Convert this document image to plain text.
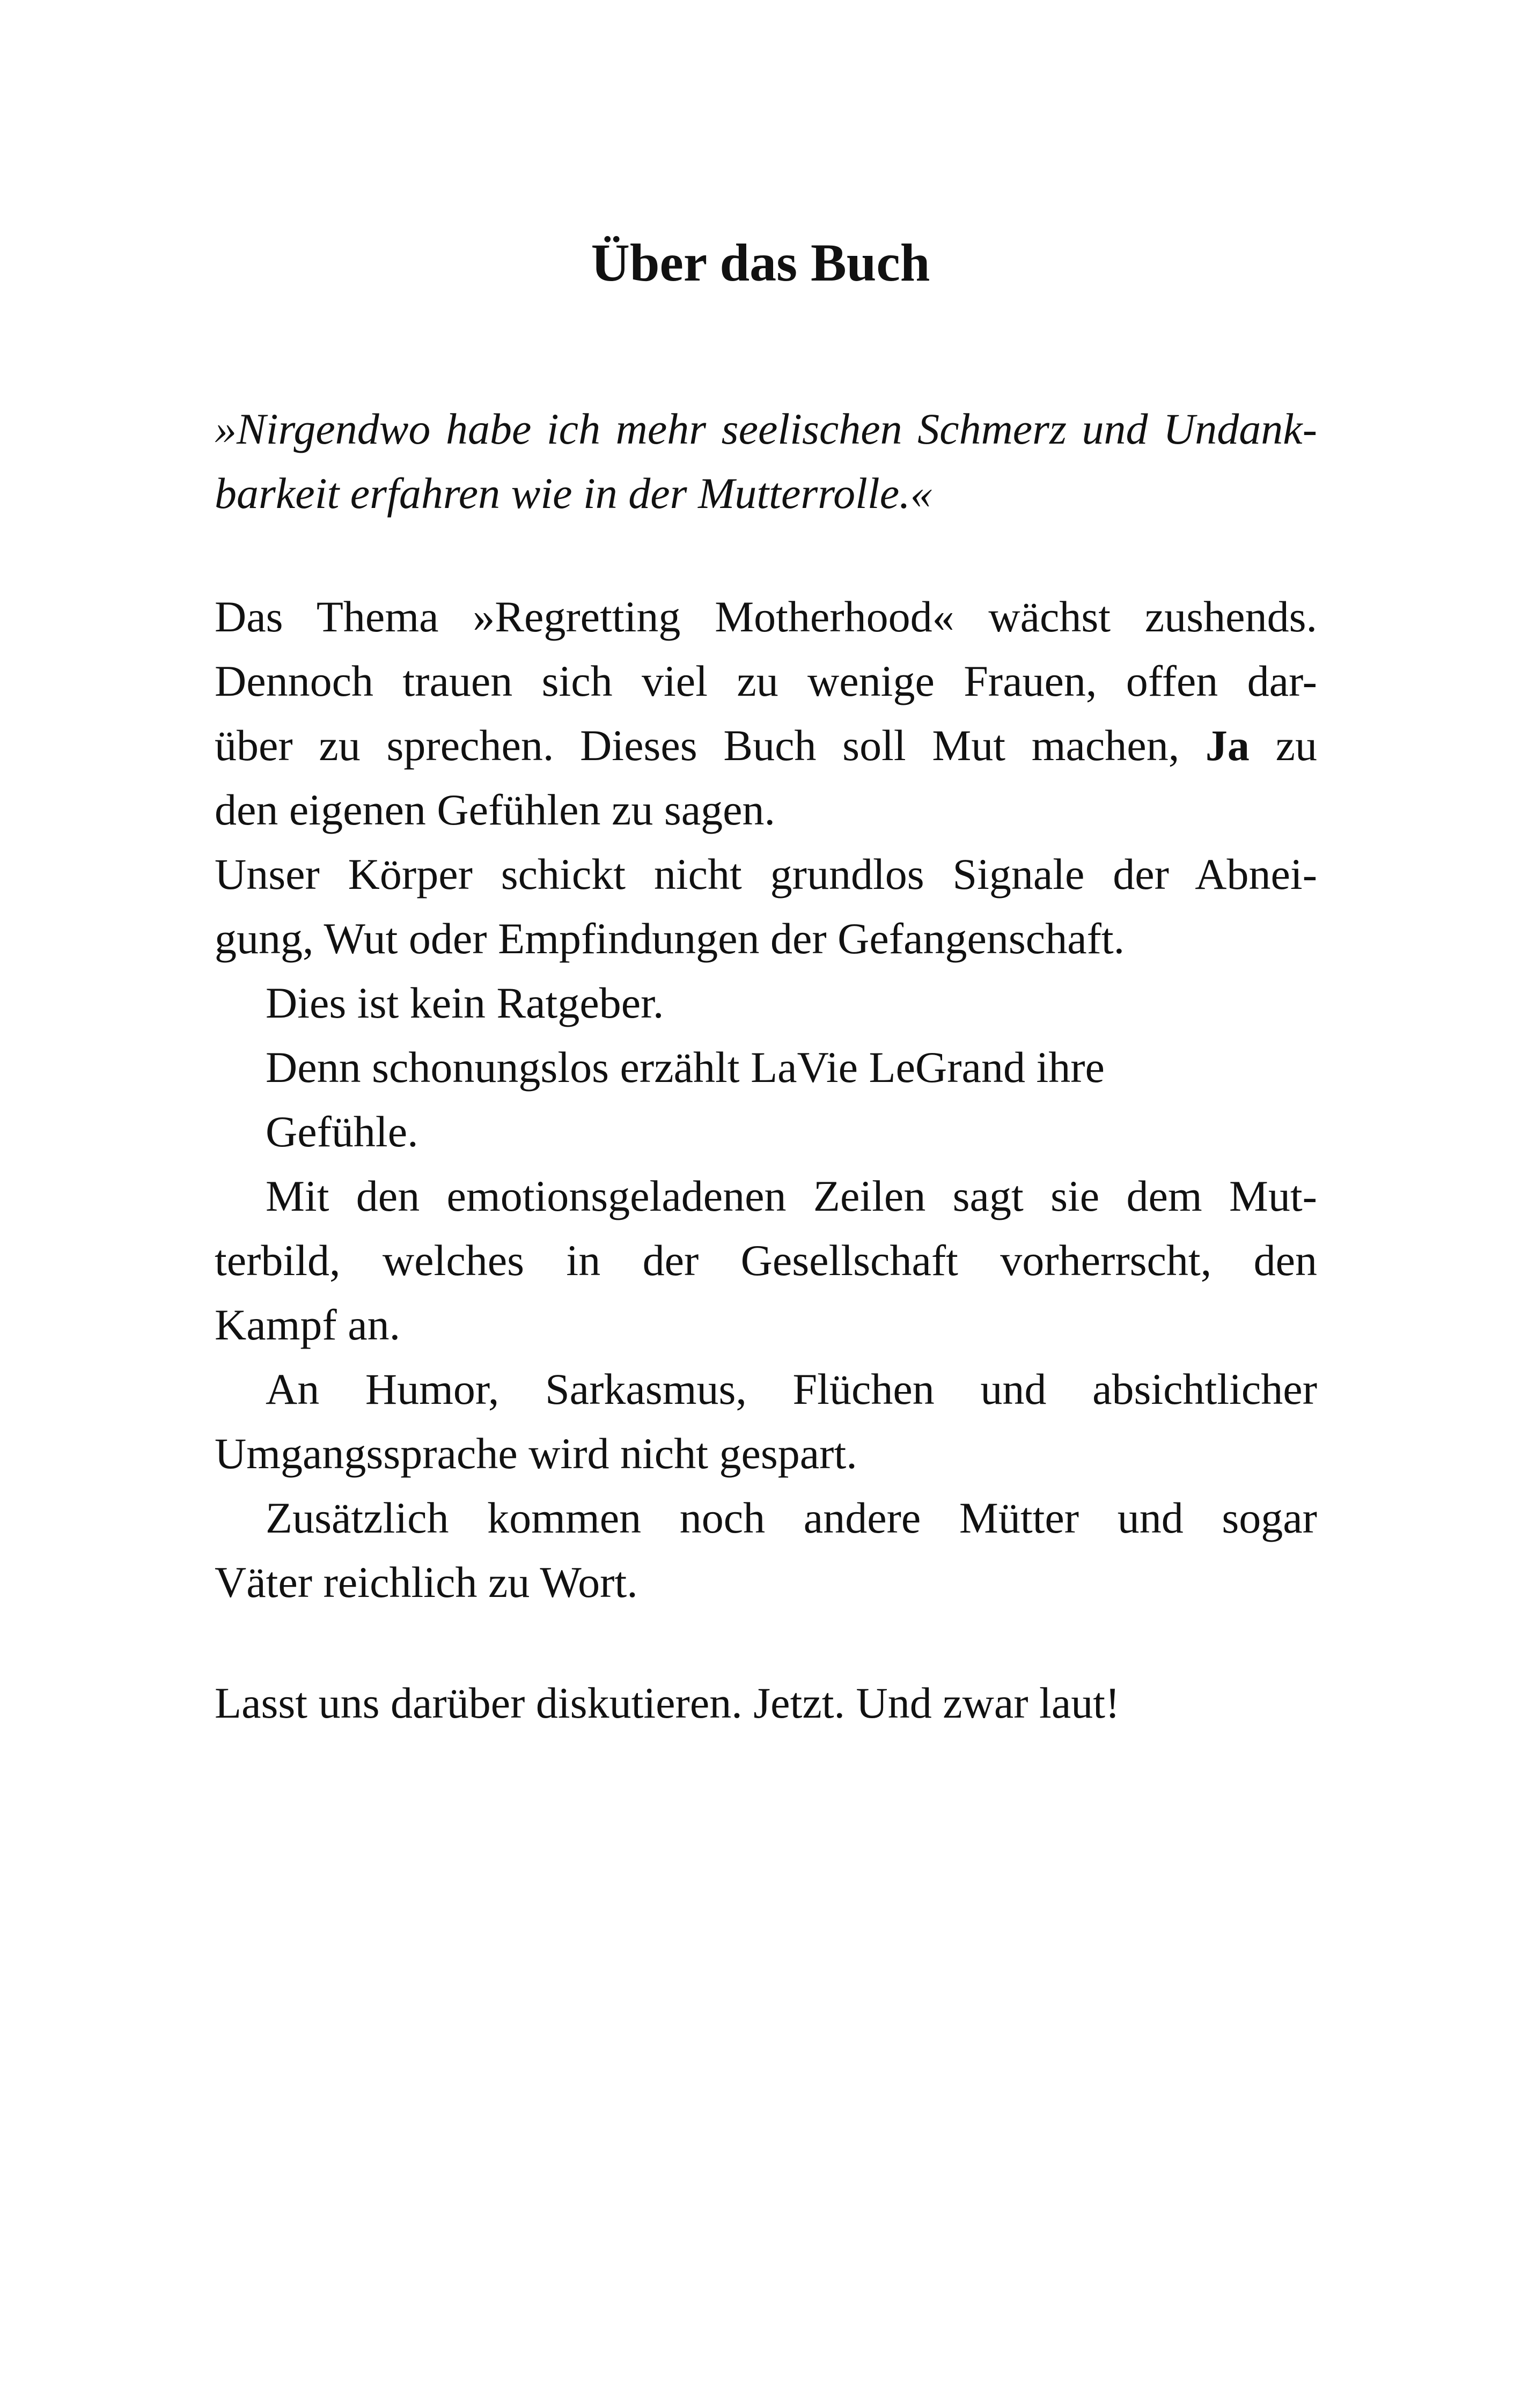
Über das Buch
»Nirgendwo habe ich mehr seelischen Schmerz und Undank-
barkeit erfahren wie in der Mutterrolle.«
Das Thema »Regretting Motherhood« wächst zushends.
Dennoch trauen sich viel zu wenige Frauen, offen dar-
über zu sprechen. Dieses Buch soll Mut machen, Ja zu
den eigenen Gefühlen zu sagen.
Unser Körper schickt nicht grundlos Signale der Abnei-
gung, Wut oder Empfindungen der Gefangenschaft.
Dies ist kein Ratgeber.
Denn schonungslos erzählt LaVie LeGrand ihre
Gefühle.
Mit den emotionsgeladenen Zeilen sagt sie dem Mut-
terbild, welches in der Gesellschaft vorherrscht, den
Kampf an.
An Humor, Sarkasmus, Flüchen und absichtlicher
Umgangssprache wird nicht gespart.
Zusätzlich kommen noch andere Mütter und sogar
Väter reichlich zu Wort.
Lasst uns darüber diskutieren. Jetzt. Und zwar laut!
